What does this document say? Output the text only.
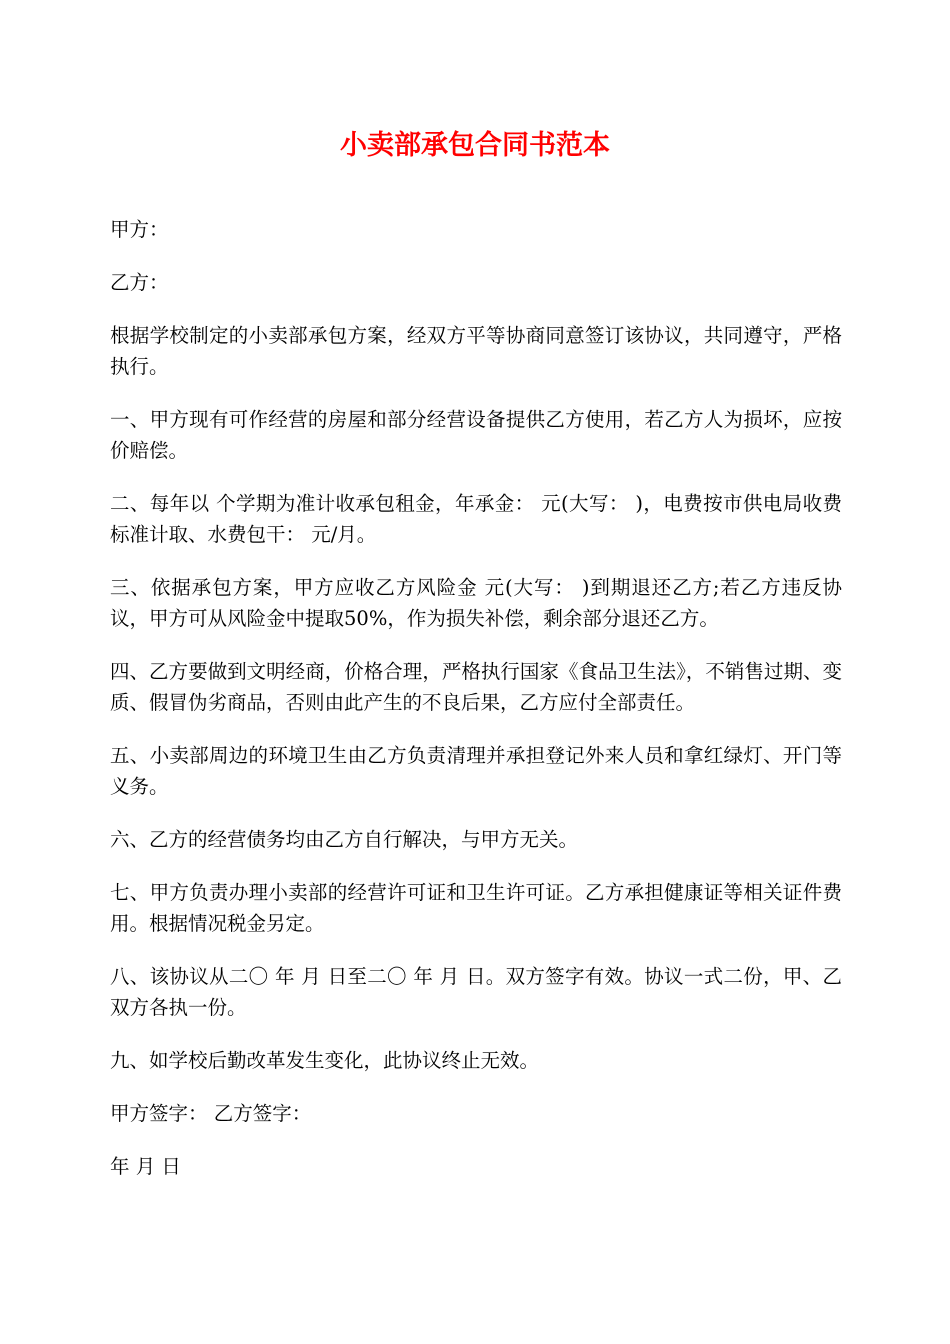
小卖部承包合同书范本

甲方：

乙方：

根据学校制定的小卖部承包方案，经双方平等协商同意签订该协议，共同遵守，严格执行。

一、甲方现有可作经营的房屋和部分经营设备提供乙方使用，若乙方人为损坏，应按价赔偿。

二、每年以 个学期为准计收承包租金，年承金： 元(大写： )，电费按市供电局收费标准计取、水费包干： 元/月。

三、依据承包方案，甲方应收乙方风险金 元(大写： )到期退还乙方;若乙方违反协议，甲方可从风险金中提取50%，作为损失补偿，剩余部分退还乙方。

四、乙方要做到文明经商，价格合理，严格执行国家《食品卫生法》，不销售过期、变质、假冒伪劣商品，否则由此产生的不良后果，乙方应付全部责任。

五、小卖部周边的环境卫生由乙方负责清理并承担登记外来人员和拿红绿灯、开门等义务。

六、乙方的经营债务均由乙方自行解决，与甲方无关。

七、甲方负责办理小卖部的经营许可证和卫生许可证。乙方承担健康证等相关证件费用。根据情况税金另定。

八、该协议从二〇 年 月 日至二〇 年 月 日。双方签字有效。协议一式二份，甲、乙双方各执一份。

九、如学校后勤改革发生变化，此协议终止无效。

甲方签字： 乙方签字：

年 月 日
